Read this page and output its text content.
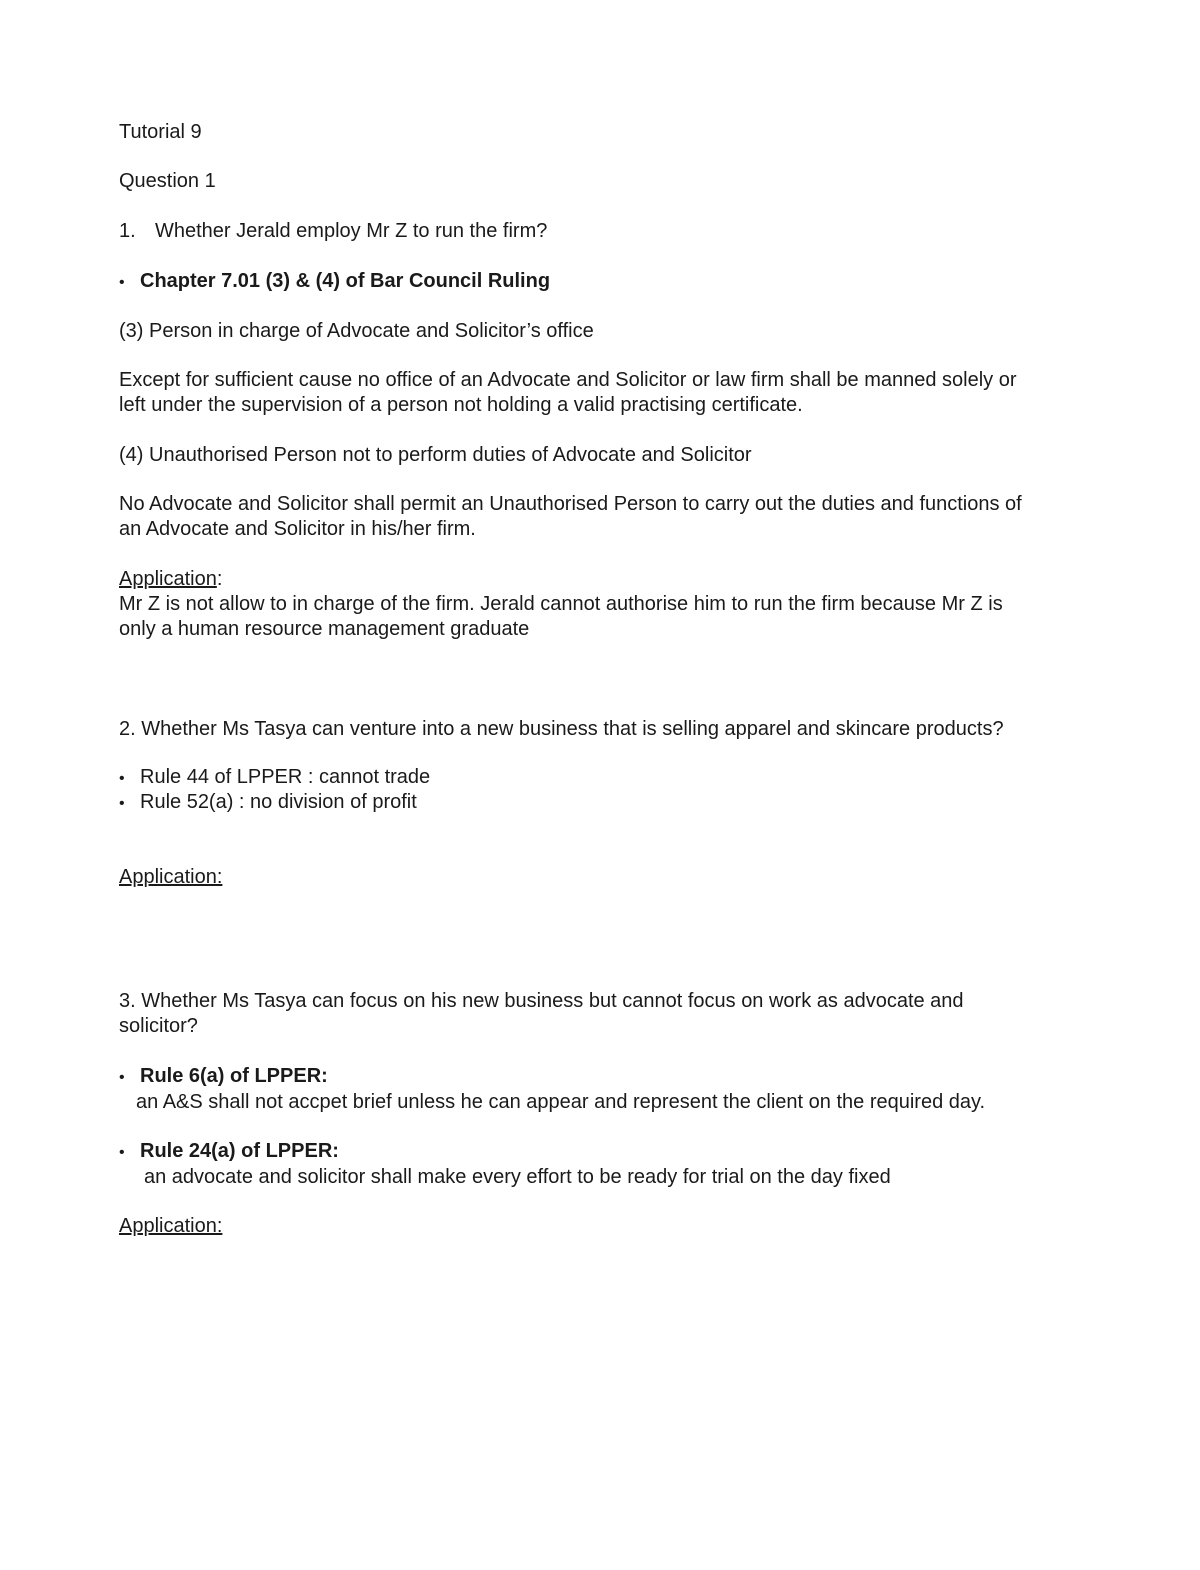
Tutorial 9
Question 1
1. Whether Jerald employ Mr Z to run the firm?
• Chapter 7.01 (3) & (4) of Bar Council Ruling
(3) Person in charge of Advocate and Solicitor’s office
Except for sufficient cause no office of an Advocate and Solicitor or law firm shall be manned solely or
left under the supervision of a person not holding a valid practising certificate.
(4) Unauthorised Person not to perform duties of Advocate and Solicitor
No Advocate and Solicitor shall permit an Unauthorised Person to carry out the duties and functions of
an Advocate and Solicitor in his/her firm.
Application:
Mr Z is not allow to in charge of the firm. Jerald cannot authorise him to run the firm because Mr Z is
only a human resource management graduate
2. Whether Ms Tasya can venture into a new business that is selling apparel and skincare products?
• Rule 44 of LPPER : cannot trade
• Rule 52(a) : no division of profit
Application:
3. Whether Ms Tasya can focus on his new business but cannot focus on work as advocate and
solicitor?
• Rule 6(a) of LPPER:
an A&S shall not accpet brief unless he can appear and represent the client on the required day.
• Rule 24(a) of LPPER:
an advocate and solicitor shall make every effort to be ready for trial on the day fixed
Application:
